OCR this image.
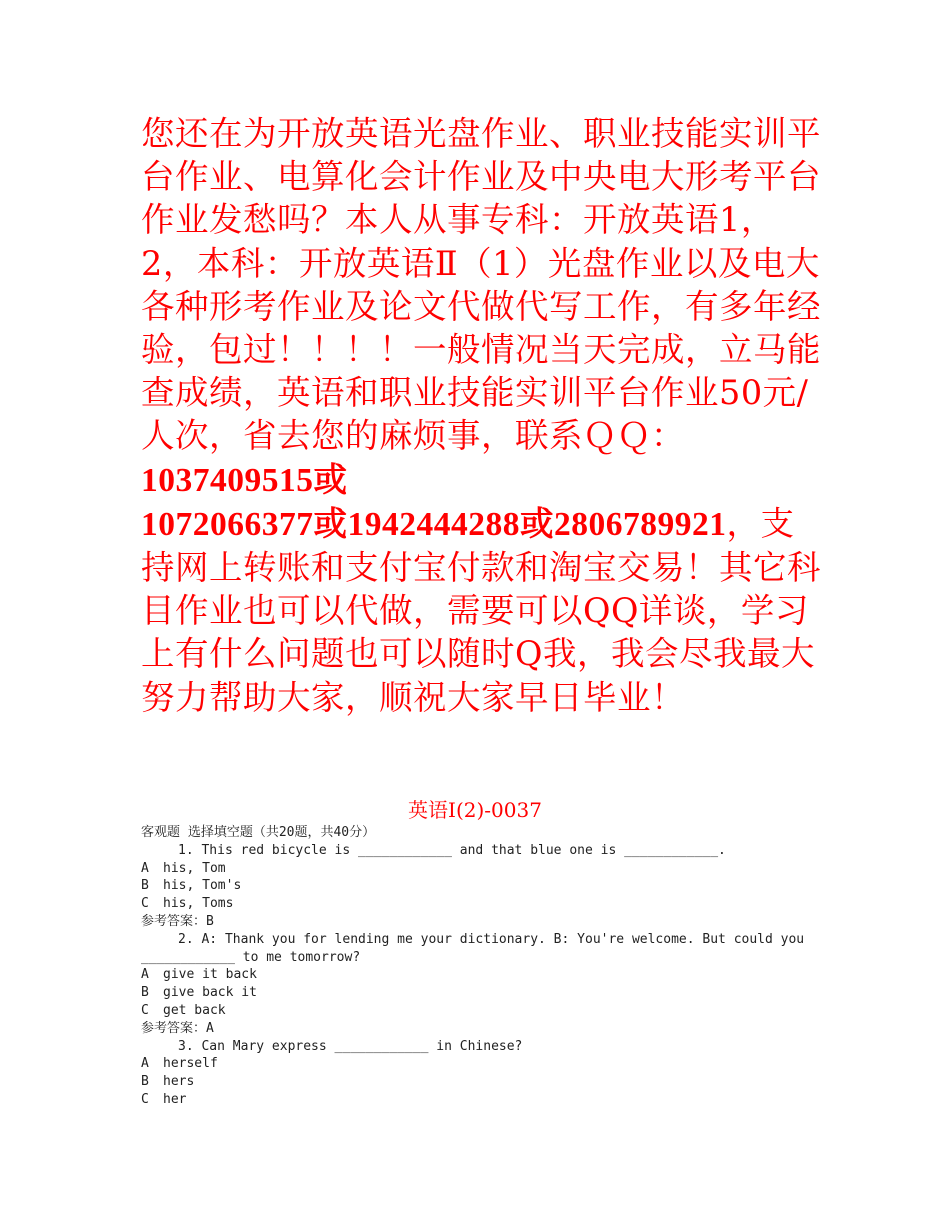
您还在为开放英语光盘作业、职业技能实训平台作业、电算化会计作业及中央电大形考平台作业发愁吗？本人从事专科：开放英语1，2，本科：开放英语Ⅱ（1）光盘作业以及电大各种形考作业及论文代做代写工作，有多年经验，包过！！！！一般情况当天完成，立马能查成绩，英语和职业技能实训平台作业50元/人次，省去您的麻烦事，联系ＱＱ：1037409515或1072066377或1942444288或2806789921，支持网上转账和支付宝付款和淘宝交易！其它科目作业也可以代做，需要可以QQ详谈，学习上有什么问题也可以随时Q我，我会尽我最大努力帮助大家，顺祝大家早日毕业！
英语I(2)-0037
客观题 选择填空题（共20题，共40分）
1. This red bicycle is ____________ and that blue one is ____________.
A his, Tom
B his, Tom's
C his, Toms
参考答案：B
2. A: Thank you for lending me your dictionary. B: You're welcome. But could you
____________ to me tomorrow?
A give it back
B give back it
C get back
参考答案：A
3. Can Mary express ____________ in Chinese?
A herself
B hers
C her
